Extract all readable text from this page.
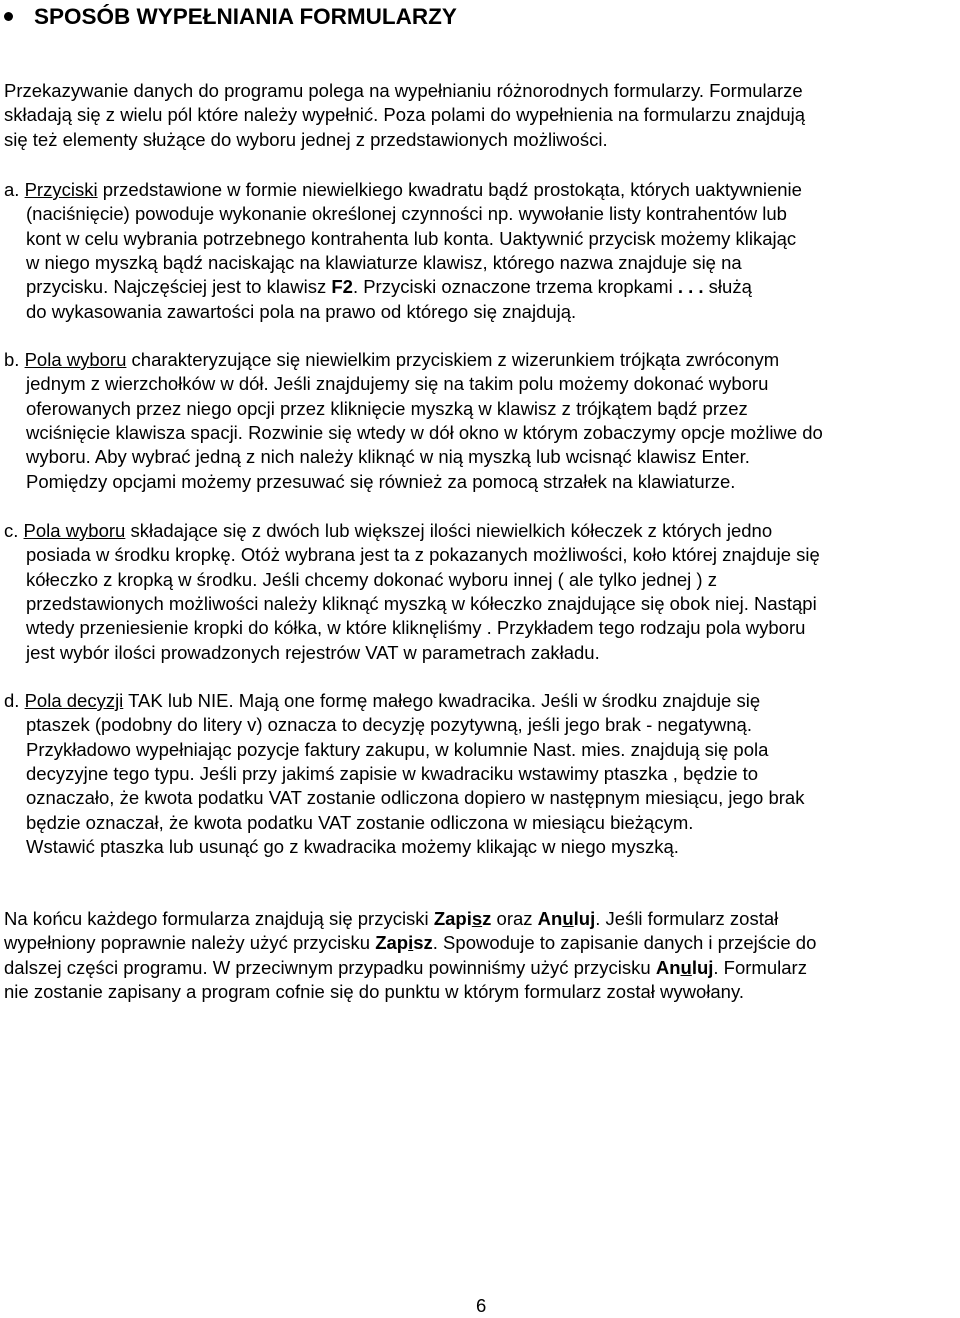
SPOSÓB WYPEŁNIANIA FORMULARZY
Przekazywanie danych do programu polega na wypełnianiu różnorodnych formularzy. Formularze
składają się z wielu pól które należy wypełnić. Poza polami do wypełnienia na formularzu znajdują
się też elementy służące do wyboru jednej z przedstawionych możliwości.
a. Przyciski przedstawione w formie niewielkiego kwadratu bądź prostokąta, których uaktywnienie
(naciśnięcie) powoduje wykonanie określonej czynności np. wywołanie listy kontrahentów lub
kont w celu wybrania potrzebnego kontrahenta lub konta. Uaktywnić przycisk możemy klikając
w niego myszką bądź naciskając na klawiaturze klawisz, którego nazwa znajduje się na
przycisku. Najczęściej jest to klawisz F2. Przyciski oznaczone trzema kropkami . . . służą
do wykasowania zawartości pola na prawo od którego się znajdują.
b. Pola wyboru charakteryzujące się niewielkim przyciskiem z wizerunkiem trójkąta zwróconym
jednym z wierzchołków w dół. Jeśli znajdujemy się na takim polu możemy dokonać wyboru
oferowanych przez niego opcji przez kliknięcie myszką w klawisz z trójkątem bądź przez
wciśnięcie klawisza spacji. Rozwinie się wtedy w dół okno w którym zobaczymy opcje możliwe do
wyboru. Aby wybrać jedną z nich należy kliknąć w nią myszką lub wcisnąć klawisz Enter.
Pomiędzy opcjami możemy przesuwać się również za pomocą strzałek na klawiaturze.
c. Pola wyboru składające się z dwóch lub większej ilości niewielkich kółeczek z których jedno
posiada w środku kropkę. Otóż wybrana jest ta z pokazanych możliwości, koło której znajduje się
kółeczko z kropką w środku. Jeśli chcemy dokonać wyboru innej ( ale tylko jednej ) z
przedstawionych możliwości należy kliknąć myszką w kółeczko znajdujące się obok niej. Nastąpi
wtedy przeniesienie kropki do kółka, w które kliknęliśmy . Przykładem tego rodzaju pola wyboru
jest wybór ilości prowadzonych rejestrów VAT w parametrach zakładu.
d. Pola decyzji TAK lub NIE. Mają one formę małego kwadracika. Jeśli w środku znajduje się
ptaszek (podobny do litery v) oznacza to decyzję pozytywną, jeśli jego brak - negatywną.
Przykładowo wypełniając pozycje faktury zakupu, w kolumnie Nast. mies. znajdują się pola
decyzyjne tego typu. Jeśli przy jakimś zapisie w kwadraciku wstawimy ptaszka , będzie to
oznaczało, że kwota podatku VAT zostanie odliczona dopiero w następnym miesiącu, jego brak
będzie oznaczał, że kwota podatku VAT zostanie odliczona w miesiącu bieżącym.
Wstawić ptaszka lub usunąć go z kwadracika możemy klikając w niego myszką.
Na końcu każdego formularza znajdują się przyciski Zapisz oraz Anuluj. Jeśli formularz został
wypełniony poprawnie należy użyć przycisku Zapisz. Spowoduje to zapisanie danych i przejście do
dalszej części programu. W przeciwnym przypadku powinniśmy użyć przycisku Anuluj. Formularz
nie zostanie zapisany a program cofnie się do punktu w którym formularz został wywołany.
6
